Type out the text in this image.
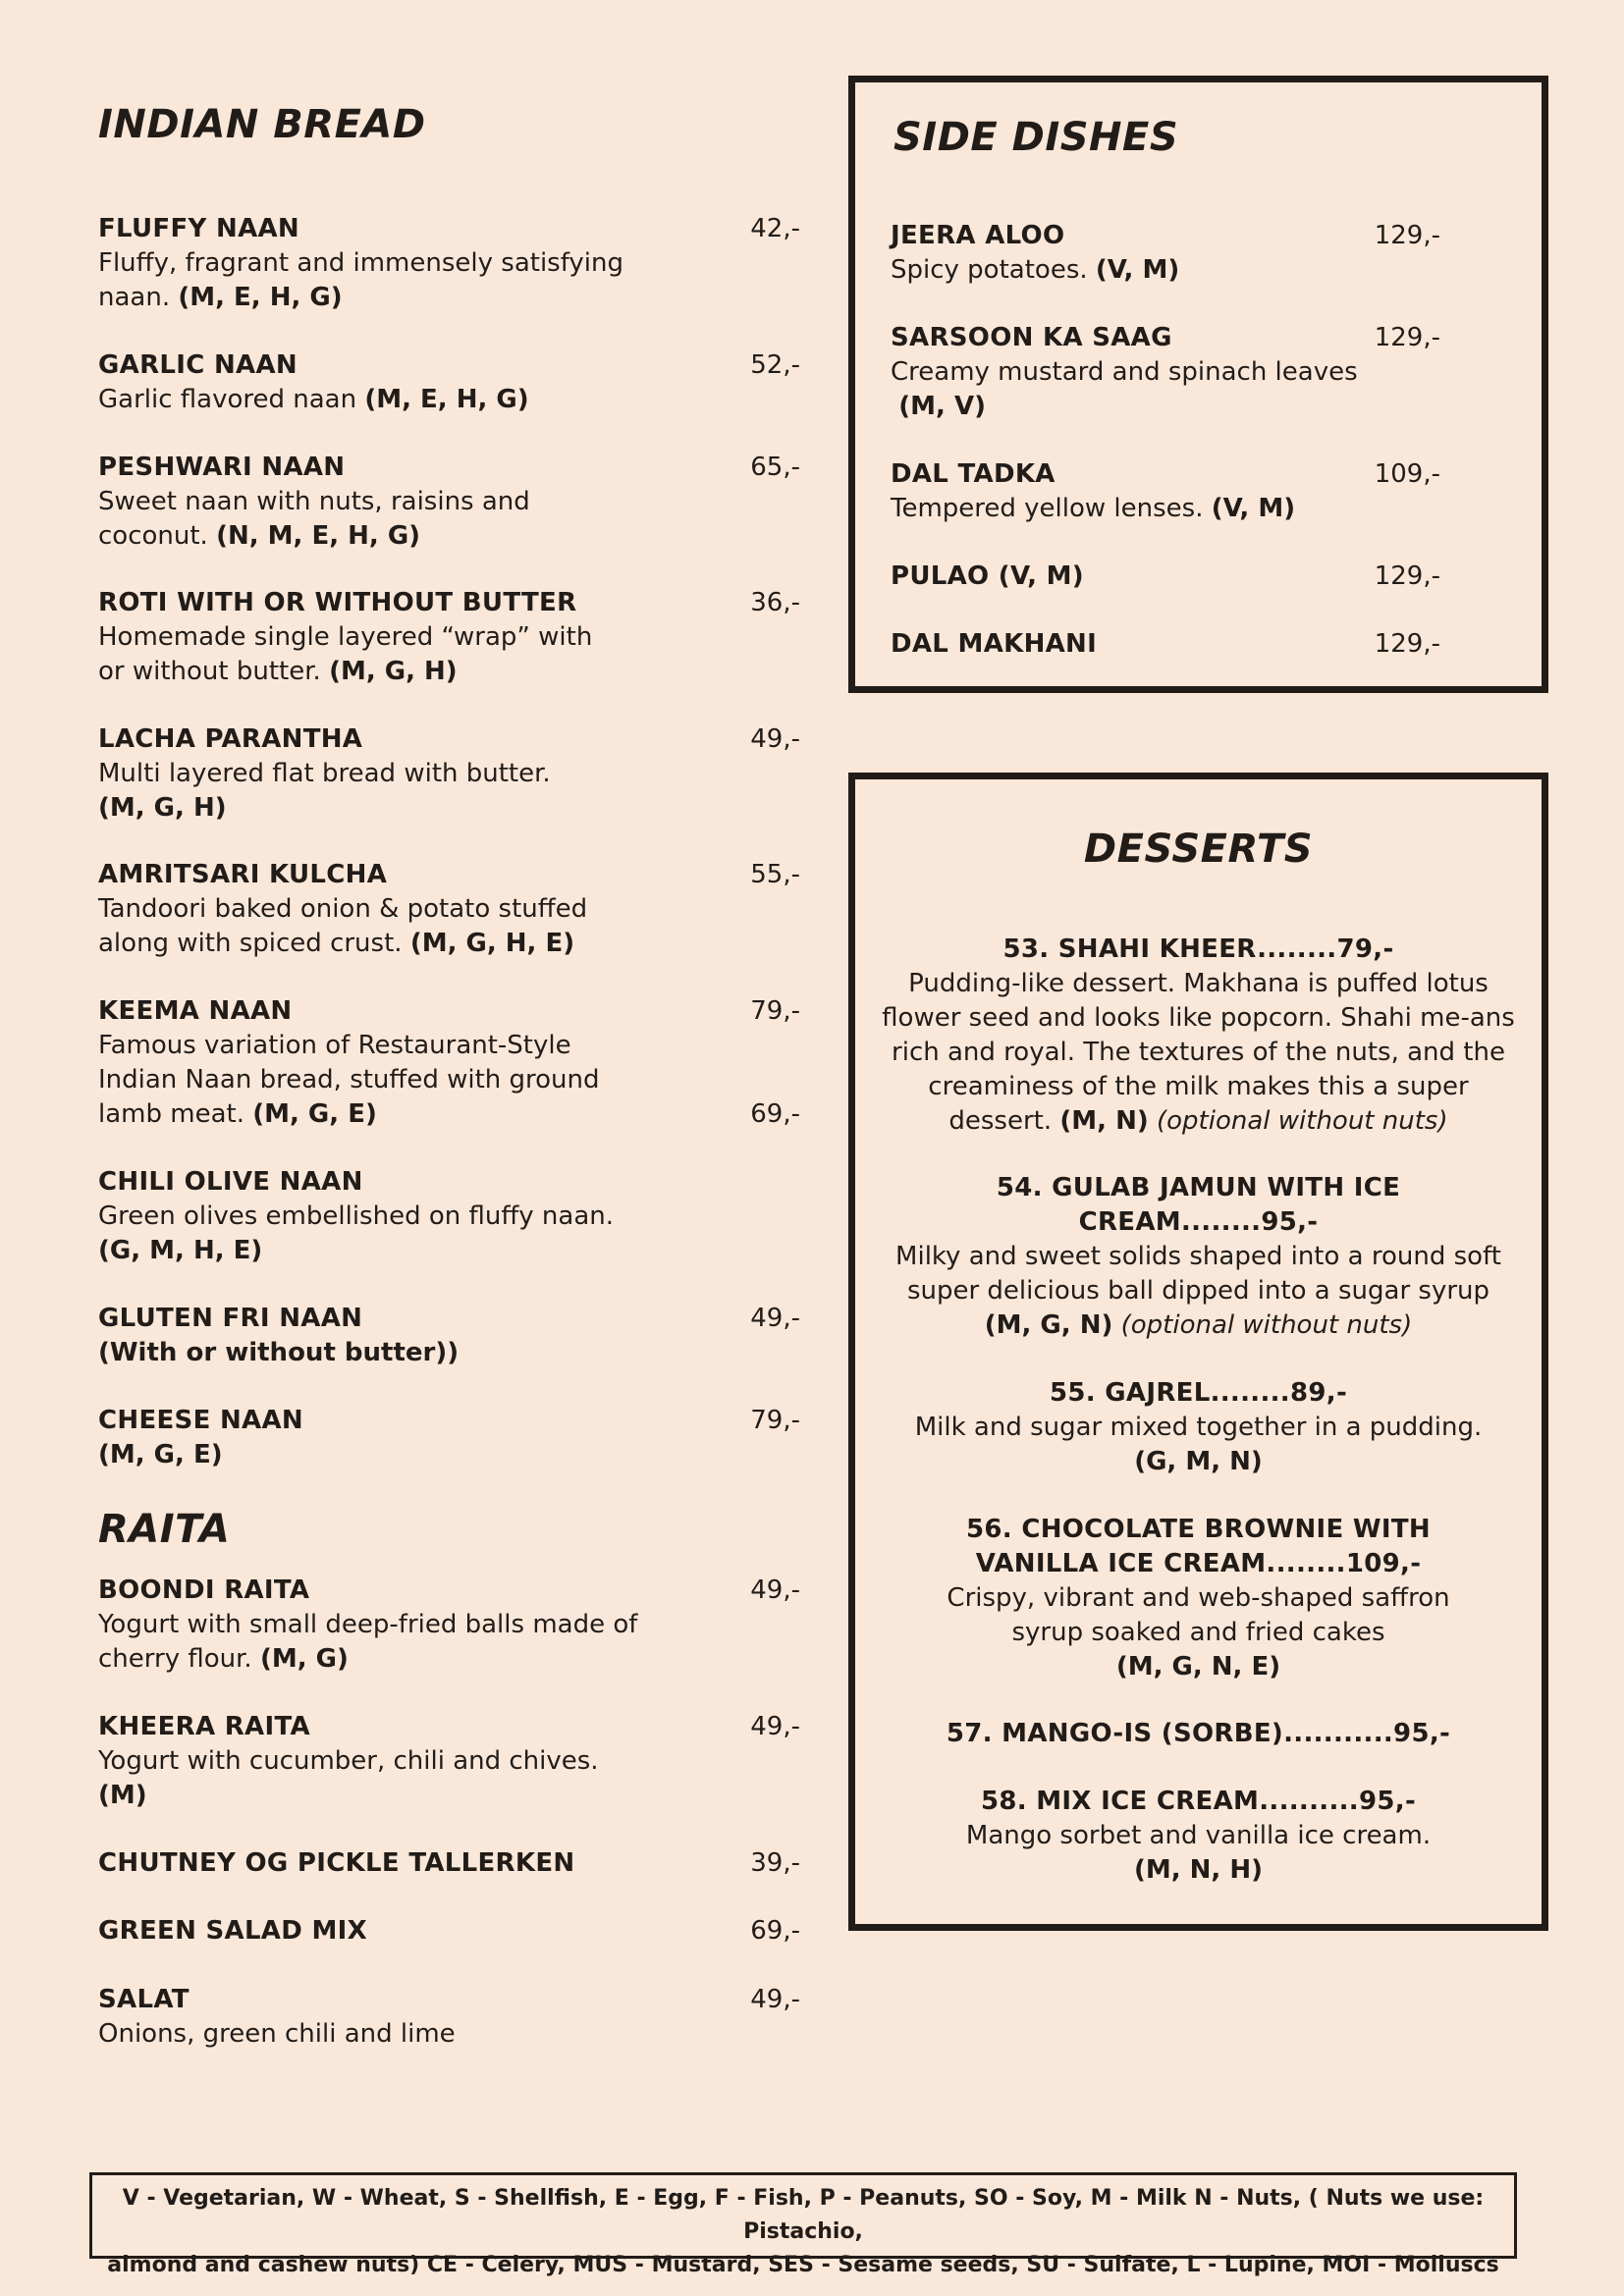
INDIAN BREAD
FLUFFY NAAN	42,-
Fluffy, fragrant and immensely satisfying naan. (M, E, H, G)
GARLIC NAAN	52,-
Garlic flavored naan (M, E, H, G)
PESHWARI NAAN	65,-
Sweet naan with nuts, raisins and coconut. (N, M, E, H, G)
ROTI WITH OR WITHOUT BUTTER	36,-
Homemade single layered “wrap” with or without butter. (M, G, H)
LACHA PARANTHA	49,-
Multi layered flat bread with butter.
(M, G, H)
AMRITSARI KULCHA	55,-
Tandoori baked onion & potato stuffed along with spiced crust. (M, G, H, E)
KEEMA NAAN	79,-
Famous variation of Restaurant-Style Indian Naan bread, stuffed with ground lamb meat. (M, G, E)	69,-
CHILI OLIVE NAAN
Green olives embellished on fluffy naan.
(G, M, H, E)
GLUTEN FRI NAAN	49,-
(With or without butter))
CHEESE NAAN	79,-
(M, G, E)
RAITA
BOONDI RAITA	49,-
Yogurt with small deep-fried balls made of cherry flour. (M, G)
KHEERA RAITA	49,-
Yogurt with cucumber, chili and chives.
(M)
CHUTNEY OG PICKLE TALLERKEN	39,-
GREEN SALAD MIX	69,-
SALAT	49,-
Onions, green chili and lime
SIDE DISHES
JEERA ALOO	129,-
Spicy potatoes. (V, M)
SARSOON KA SAAG	129,-
Creamy mustard and spinach leaves
(M, V)
DAL TADKA	109,-
Tempered yellow lenses. (V, M)
PULAO (V, M)	129,-
DAL MAKHANI	129,-
DESSERTS
53. SHAHI KHEER........79,-
Pudding-like dessert. Makhana is puffed lotus flower seed and looks like popcorn. Shahi me-ans rich and royal. The textures of the nuts, and the creaminess of the milk makes this a super dessert. (M, N) (optional without nuts)
54. GULAB JAMUN WITH ICE CREAM........95,-
Milky and sweet solids shaped into a round soft super delicious ball dipped into a sugar syrup (M, G, N) (optional without nuts)
55. GAJREL........89,-
Milk and sugar mixed together in a pudding.
(G, M, N)
56. CHOCOLATE BROWNIE WITH VANILLA ICE CREAM........109,-
Crispy, vibrant and web-shaped saffron syrup soaked and fried cakes
(M, G, N, E)
57. MANGO-IS (SORBE)...........95,-
58. MIX ICE CREAM..........95,-
Mango sorbet and vanilla ice cream.
(M, N, H)
V - Vegetarian, W - Wheat, S - Shellfish, E - Egg, F - Fish, P - Peanuts, SO - Soy, M - Milk N - Nuts, ( Nuts we use: Pistachio,
almond and cashew nuts) CE - Celery, MUS - Mustard, SES - Sesame seeds, SU - Sulfate, L - Lupine, MOI - Molluscs
